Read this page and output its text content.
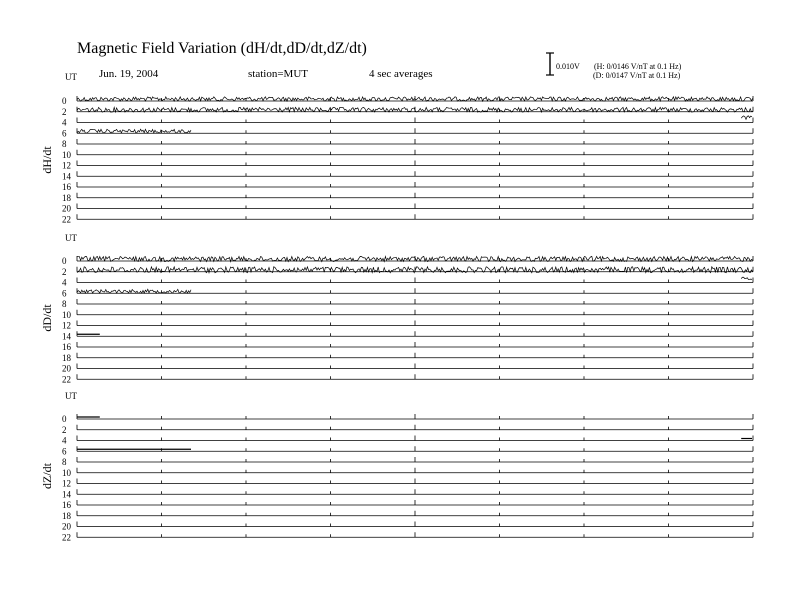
Magnetic Field Variation (dH/dt,dD/dt,dZ/dt)
Jun. 19, 2004	station=MUT	4 sec averages
0.010V (H: 0/0146 V/nT at 0.1 Hz)
(D: 0/0147 V/nT at 0.1 Hz)
UT
dH/dt
0
2
4
6
8
10
12
14
16
18
20
22
UT
dD/dt
0
2
4
6
8
10
12
14
16
18
20
22
UT
dZ/dt
0
2
4
6
8
10
12
14
16
18
20
22
